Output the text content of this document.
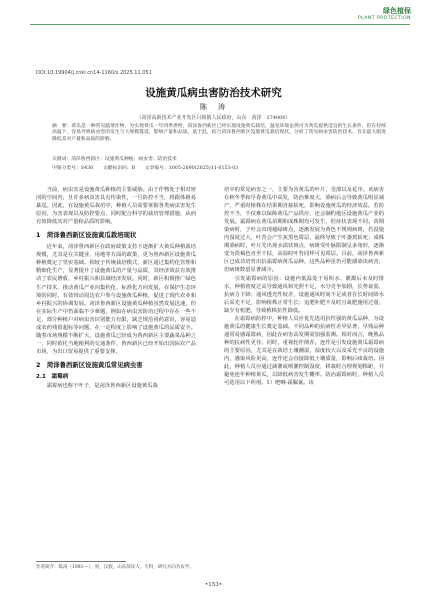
绿色植保
PLANT PROTECTION
DOI:10.19904/j.cnki.cn14-1160/s.2025.11.051
设施黄瓜病虫害防治技术研究
陈　涛
（菏泽高新技术产业开发区吕陵镇人民政府，山东　菏泽　274000）
摘　要：黄瓜是一种常见蔬菜作物，为实现黄瓜一年四季供给，菏泽鲁西新区已经实现设施黄瓜栽培，温室环境虽然可为黄瓜提供适宜的生长条件，但在持续高温下，容易导致病虫害的发生与大规模蔓延，影响产量和品质。基于此，结合菏泽鲁西新区设施黄瓜栽培现状，分析了常见病虫害防治技术，旨在最大限度降低其对产量和品质的影响。
关键词：菏泽鲁西新区；设施黄瓜种植；病虫害；防治技术
中图分类号：S436　　文献标识码：B　　文章编号：1005-2690(2025)11-0153-03

当前，病虫害是设施黄瓜种植的主要威胁。由于作物处于相对密闭的空间内，且许多病虫害具有传染性，一旦防控不当，将跟体极易暴逞。因此，在设施黄瓜栽培中，种植人员需要掌握各类病虫害发生原因，为害表现以及防控要点，同时配合科学的栽培管理措施，从而有效降低其对产量和品质的影响。

1　菏泽鲁西新区设施黄瓜栽培现状

近年来，菏泽鲁西新区在政府政策支持下逐渐扩大黄瓜种植栽培规模，尤其是在关键业、用地等方面的政策，更为鲁西新区设施黄瓜种植奠定了坚实基础。相较于传统栽培模式，新区通过集约化管理和精细化生产，显著提升了设施黄瓜的产量与品质，其经济效益有效推动了农民增收、乡村振兴和县域经济发展。同时，新区积极推广绿色生产技术，推动黄瓜产业向集约化、标准化方向发展，在保护生态环境的同时，有效带动周边农户参与设施黄瓜种植，促进了现代农业和乡村振兴的协调发展。菏泽鲁西新区设施黄瓜种植虽然发展迅速，但在实际生产中仍面临不少难题，例如在病虫害防治过程中存在一些不足，部分种植户对病虫害识别能力有限，缺乏规范用药意识，容易造成农药残留超标等问题，在一定程度上影响了设施黄瓜的品质安全。随着市场规模不断扩大，设施黄瓜已经成为鲁西新区主要蔬菜品种之一，同时依托当地便利的交通条件，鲁西新区已经开始出国际农产品市场，为出口贸易提供了重要支撑。

2　菏泽鲁西新区设施黄瓜常见病虫害
2.1　霜霉病

霜霉病也称干叶子，是菏泽鲁西新区设施黄瓜栽

培中的常见病害之一，主要为害黄瓜的叶片、茎部以及花序。该病害在秋冬季和早春黄瓜中高发，防治难度大，染病后会导致黄瓜明显减产，严重时植株在结果期直接枯死，影响设施黄瓜的经济效益。若防控不当，不仅难以保障黄瓜产品供应，还会制约地区设施黄瓜产业的发展。霜霉病在黄瓜苗期和成株期均可发生，但症状表现不同。苗期染病时，子叶会出现褪绿斑点，逐渐发展为黄色不规则病斑，若设施内湿度过大，叶背会产生灰黑色霉层，最终导致子叶萎蔫枯死；成株期染病时，叶片先出现水渍状斑点，病斑受叶脉限制呈多角形，逐渐变为淡褐色直至干枯，高湿时叶背同样可见霉层。目前，菏泽鲁西新区已成功培育出抗霜霉病黄瓜品种，这些品种虽仍可能感染该病害，但病斑数量显著减少。

引发霜霉病的原因：设施内低温处于易积水、灌溉后未及时排水，种植密度过高导致通风和光照不足，水分竞争加剧，长势衰弱，抗病力下降；通风透光性较差，设施通风时间不足或者在长时间降水后采光不足，影响植株正常生长；追肥补肥不及时且氮肥施用过量，缺少有机肥，导致植株抗性降低。

在霜霉病防控中，种植人员应优先选用抗性强的黄瓜品种，为设施黄瓜的健康生长奠定基础。不同品种的抗病性差异显著，早熟品种通常易感霜霉病，因此在病害高发期需加强监测。相对而言，晚熟品种的抗病性更佳。同时，重视轮作倒茬。连作是引发设施黄瓜霜霉病的主要原因，尤其是在栽培土壤潮湿，湿度较大以及采光不良的设施内，感染风险更高，连作还会直接降低土壤质量，影响后续栽培。因此，种植人员应通过滴灌或喷灌控制湿度，移栽时合理规划株距，并避免连年种植黄瓜，以降低病害发生概率。防治霜霉病时，种植人员可选用以下药剂。1）吧啉·霜脲氰。该

作者简介：陈涛（1981—），男，汉族，山东菏泽人，专科，研究方向为农学。
•153•
